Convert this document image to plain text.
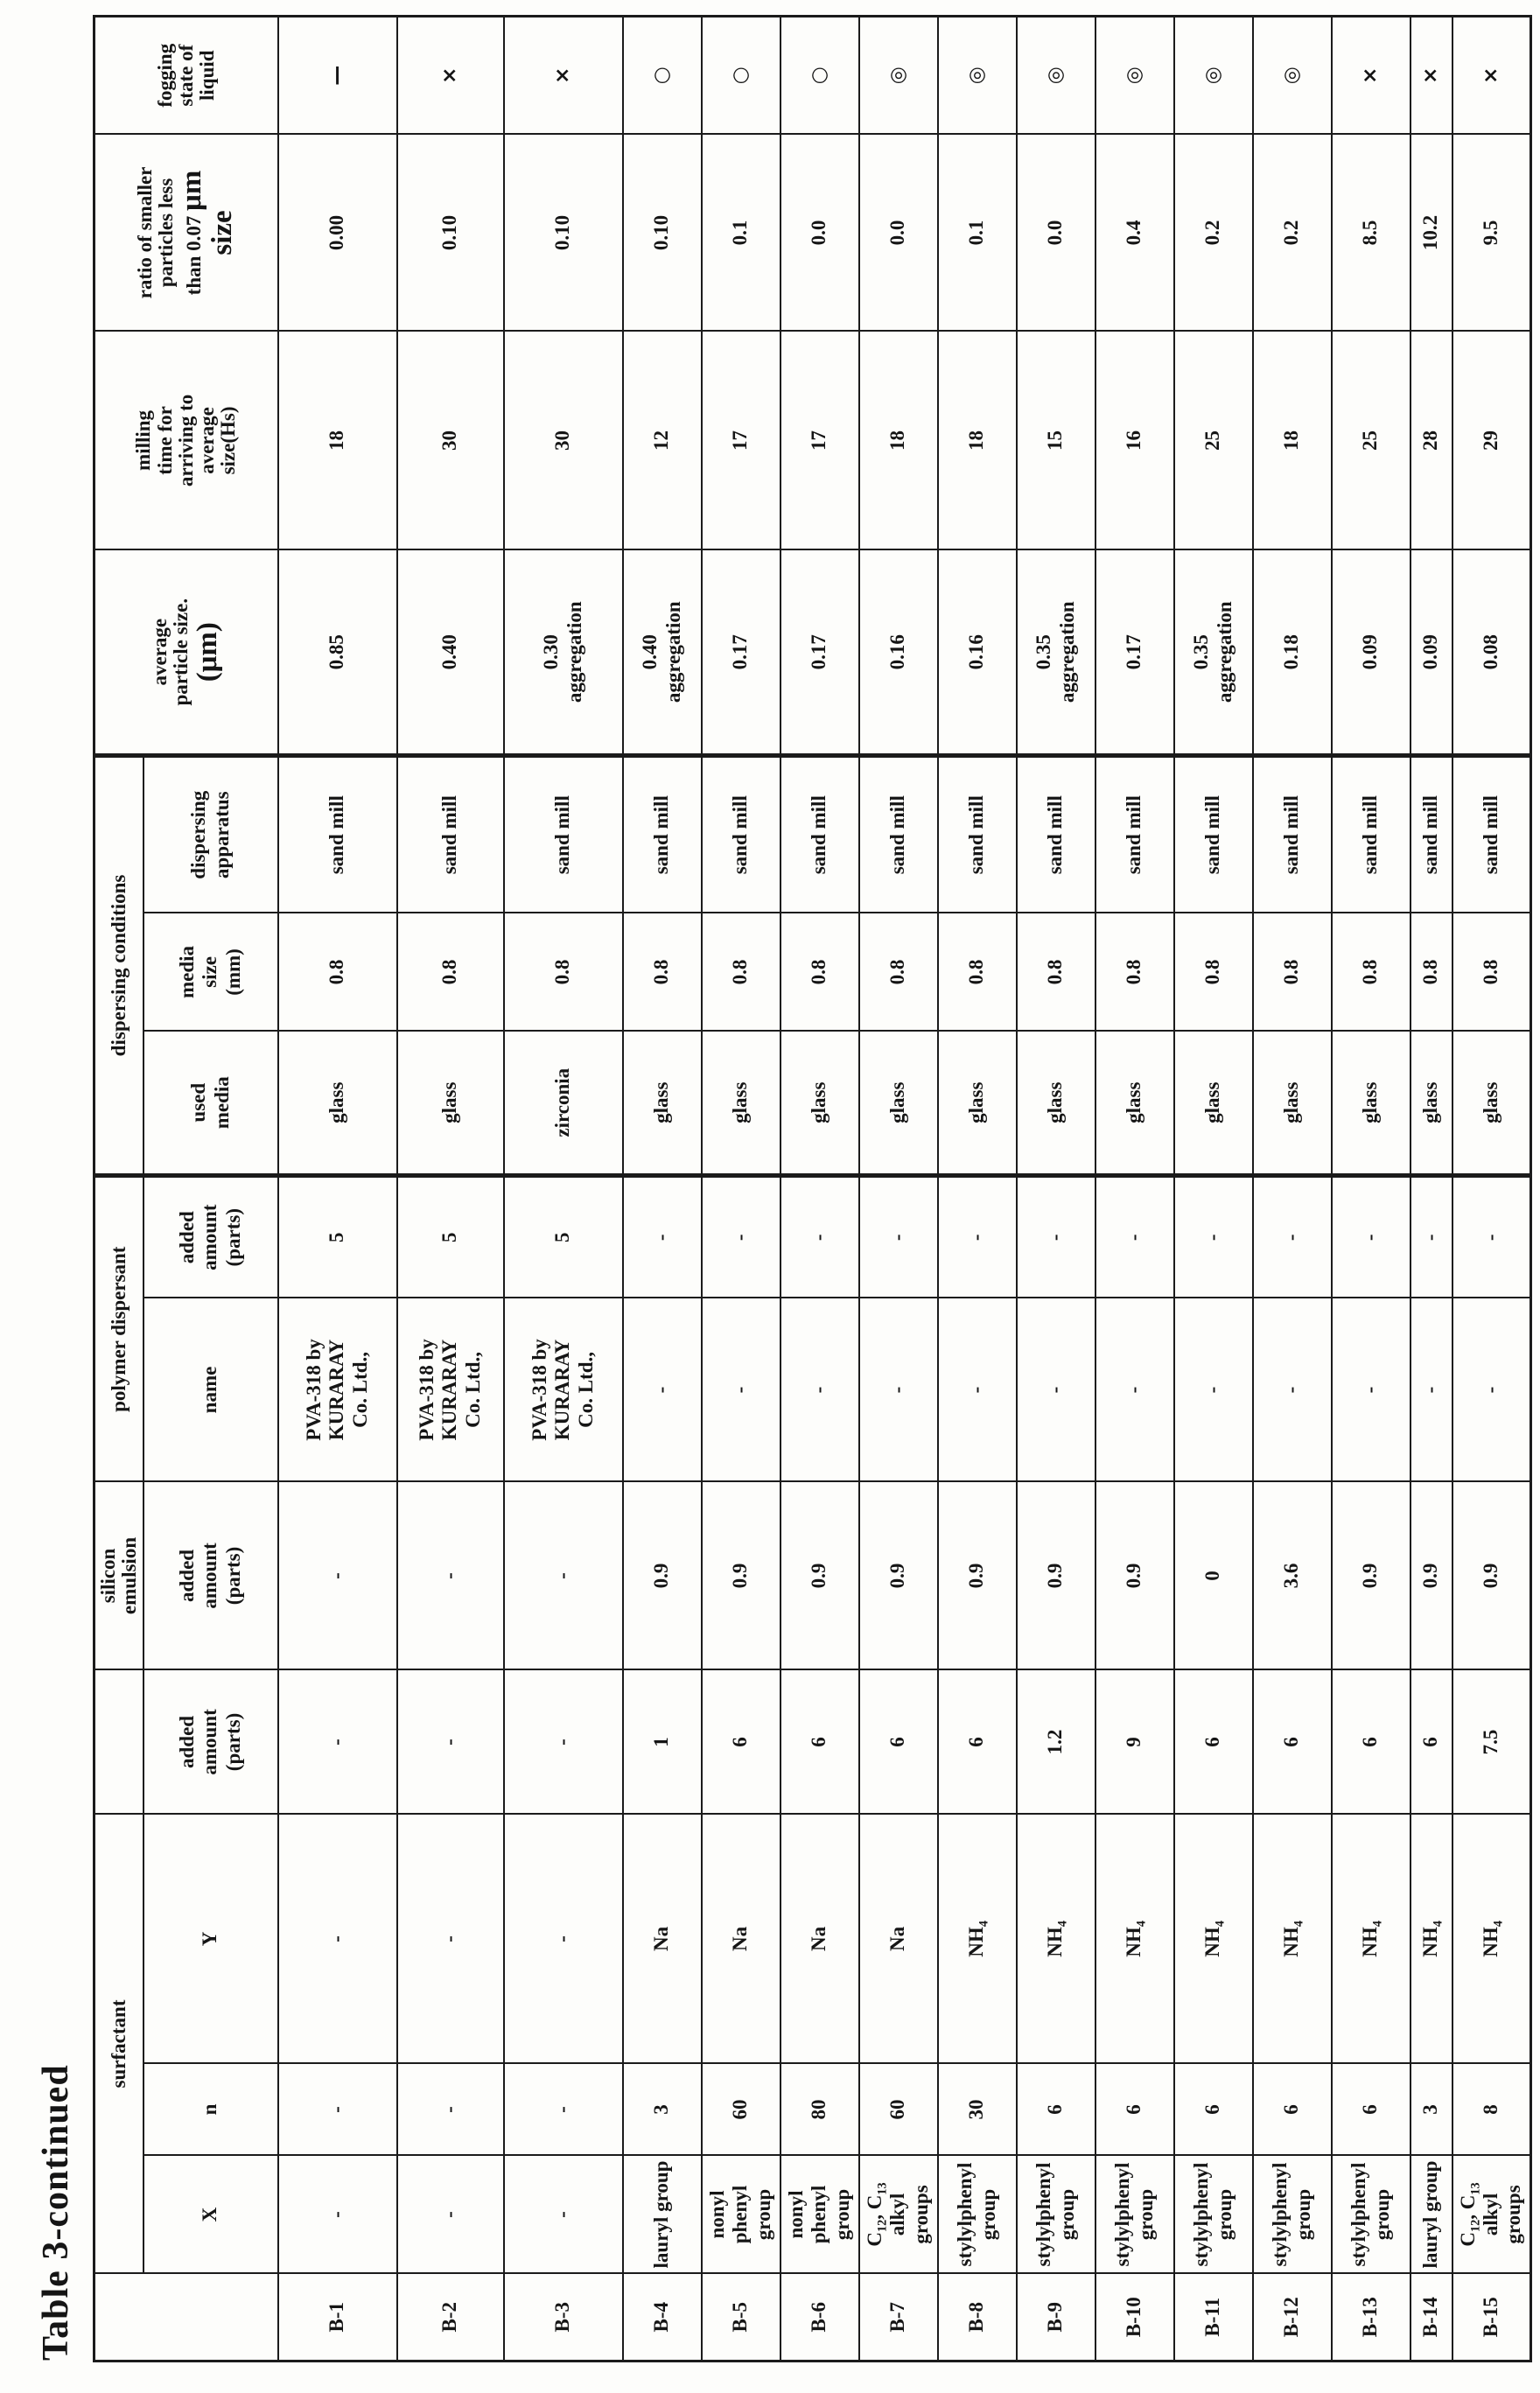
Table 3-continued
	surfactant				silicon
emulsion	polymer dispersant		dispersing conditions			average
particle size.
(μm)	milling
time for
arriving to
average
size(Hs)	ratio of smaller
particles less
than 0.07 μm
size	fogging
state of
liquid
	X	n	Y	added
amount
(parts)	added
amount
(parts)	name	added
amount
(parts)	used
media	media
size
(mm)	dispersing
apparatus				
B-1	-	-	-	-	-	PVA-318 by
KURARAY
Co. Ltd.,	5	glass	0.8	sand mill	0.85	18	0.00	—
B-2	-	-	-	-	-	PVA-318 by
KURARAY
Co. Ltd.,	5	glass	0.8	sand mill	0.40	30	0.10	×
B-3	-	-	-	-	-	PVA-318 by
KURARAY
Co. Ltd.,	5	zirconia	0.8	sand mill	0.30
aggregation	30	0.10	×
B-4	lauryl group	3	Na	1	0.9	-	-	glass	0.8	sand mill	0.40
aggregation	12	0.10	○
B-5	nonyl phenyl
group	60	Na	6	0.9	-	-	glass	0.8	sand mill	0.17	17	0.1	○
B-6	nonyl phenyl
group	80	Na	6	0.9	-	-	glass	0.8	sand mill	0.17	17	0.0	○
B-7	$C_{12}$, $C_{13}$ alkyl
groups	60	Na	6	0.9	-	-	glass	0.8	sand mill	0.16	18	0.0	◎
B-8	stylylphenyl
group	30	$NH_4$	6	0.9	-	-	glass	0.8	sand mill	0.16	18	0.1	◎
B-9	stylylphenyl
group	6	$NH_4$	1.2	0.9	-	-	glass	0.8	sand mill	0.35
aggregation	15	0.0	◎
B-10	stylylphenyl
group	6	$NH_4$	9	0.9	-	-	glass	0.8	sand mill	0.17	16	0.4	◎
B-11	stylylphenyl
group	6	$NH_4$	6	0	-	-	glass	0.8	sand mill	0.35
aggregation	25	0.2	◎
B-12	stylylphenyl
group	6	$NH_4$	6	3.6	-	-	glass	0.8	sand mill	0.18	18	0.2	◎
B-13	stylylphenyl
group	6	$NH_4$	6	0.9	-	-	glass	0.8	sand mill	0.09	25	8.5	×
B-14	lauryl group	3	$NH_4$	6	0.9	-	-	glass	0.8	sand mill	0.09	28	10.2	×
B-15	$C_{12}$, $C_{13}$ alkyl
groups	8	$NH_4$	7.5	0.9	-	-	glass	0.8	sand mill	0.08	29	9.5	×
